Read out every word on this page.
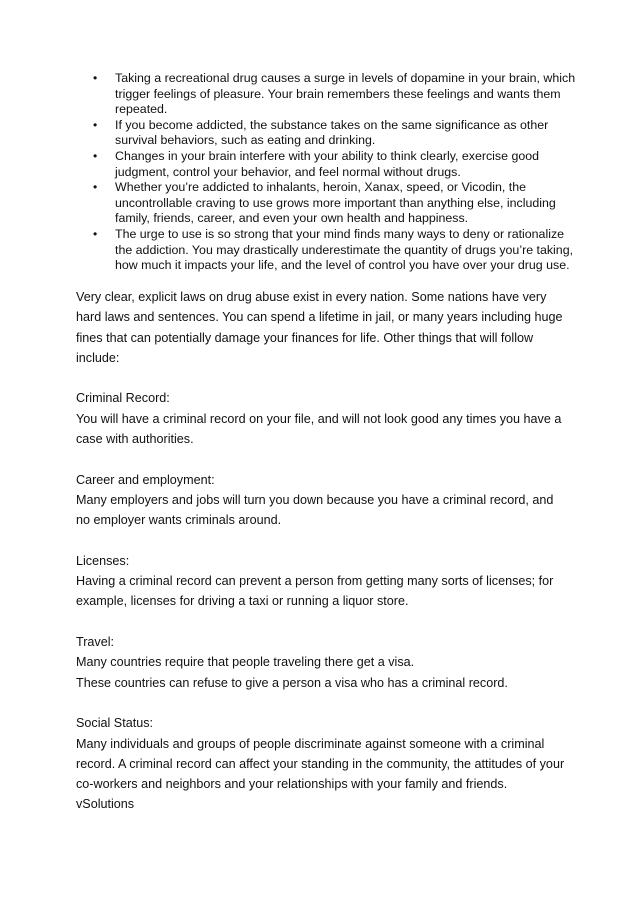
• Taking a recreational drug causes a surge in levels of dopamine in your brain, which trigger feelings of pleasure. Your brain remembers these feelings and wants them repeated.
• If you become addicted, the substance takes on the same significance as other survival behaviors, such as eating and drinking.
• Changes in your brain interfere with your ability to think clearly, exercise good judgment, control your behavior, and feel normal without drugs.
• Whether you’re addicted to inhalants, heroin, Xanax, speed, or Vicodin, the uncontrollable craving to use grows more important than anything else, including family, friends, career, and even your own health and happiness.
• The urge to use is so strong that your mind finds many ways to deny or rationalize the addiction. You may drastically underestimate the quantity of drugs you’re taking, how much it impacts your life, and the level of control you have over your drug use.

Very clear, explicit laws on drug abuse exist in every nation. Some nations have very hard laws and sentences. You can spend a lifetime in jail, or many years including huge fines that can potentially damage your finances for life. Other things that will follow include:

Criminal Record:

You will have a criminal record on your file, and will not look good any times you have a case with authorities.

Career and employment:

Many employers and jobs will turn you down because you have a criminal record, and no employer wants criminals around.

Licenses:

Having a criminal record can prevent a person from getting many sorts of licenses; for example, licenses for driving a taxi or running a liquor store.

Travel:

Many countries require that people traveling there get a visa.

These countries can refuse to give a person a visa who has a criminal record.

Social Status:

Many individuals and groups of people discriminate against someone with a criminal record. A criminal record can affect your standing in the community, the attitudes of your co-workers and neighbors and your relationships with your family and friends.

vSolutions
